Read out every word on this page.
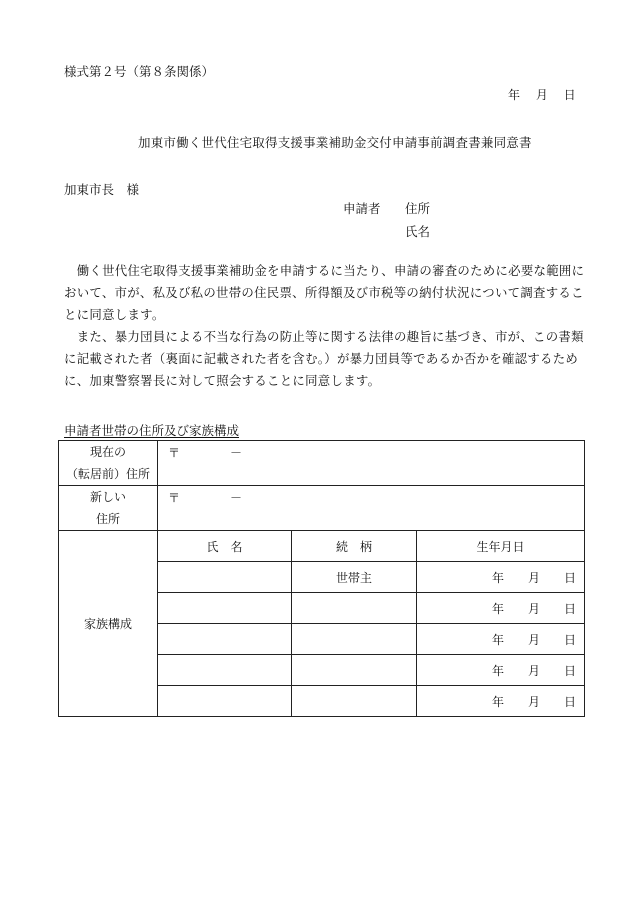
様式第２号（第８条関係）
年　 月　 日
加東市働く世代住宅取得支援事業補助金交付申請事前調査書兼同意書
加東市長　様
申請者 住所
氏名
　働く世代住宅取得支援事業補助金を申請するに当たり、申請の審査のために必要な範囲に
おいて、市が、私及び私の世帯の住民票、所得額及び市税等の納付状況について調査するこ
とに同意します。
　また、暴力団員による不当な行為の防止等に関する法律の趣旨に基づき、市が、この書類
に記載された者（裏面に記載された者を含む。）が暴力団員等であるか否かを確認するため
に、加東警察署長に対して照会することに同意します。
申請者世帯の住所及び家族構成
現在の
（転居前）住所	〒 －		
新しい
住所	〒 －		
家族構成	氏　名	続　柄	生年月日
		世帯主	年 月 日
			年 月 日
			年 月 日
			年 月 日
			年 月 日
